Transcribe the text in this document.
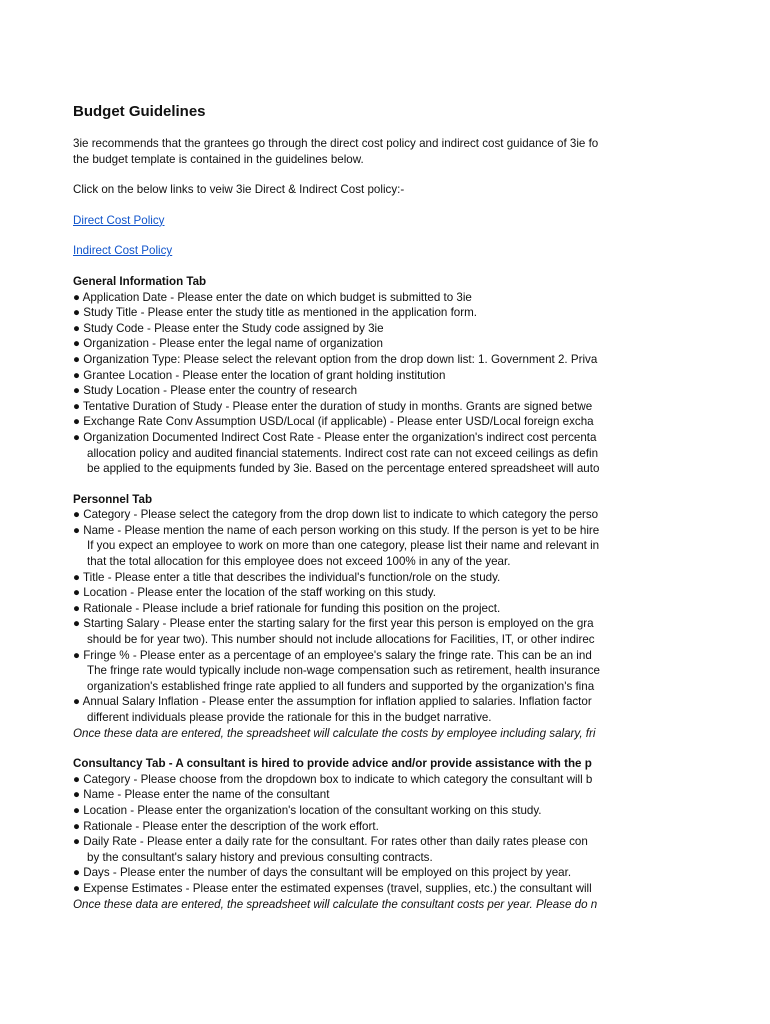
Budget Guidelines
3ie recommends that the grantees go through the direct cost policy and indirect cost guidance of 3ie fo
the budget template is contained in the guidelines below.
Click on the below links to veiw 3ie Direct & Indirect Cost policy:-
Direct Cost Policy
Indirect Cost Policy
General Information Tab
● Application Date - Please enter the date on which budget is submitted to 3ie
● Study Title - Please enter the study title as mentioned in the application form.
● Study Code - Please enter the Study code assigned by 3ie
● Organization - Please enter the legal name of organization
● Organization Type: Please select the relevant option from the drop down list: 1. Government 2. Priva
● Grantee Location - Please enter the location of grant holding institution
● Study Location - Please enter the country of research
● Tentative Duration of Study - Please enter the duration of study in months. Grants are signed betwe
● Exchange Rate Conv Assumption USD/Local (if applicable) - Please enter USD/Local foreign excha
● Organization Documented Indirect Cost Rate - Please enter the organization's indirect cost percenta
allocation policy and audited financial statements. Indirect cost rate can not exceed ceilings as defin
be applied to the equipments funded by 3ie. Based on the percentage entered spreadsheet will auto
Personnel Tab
● Category - Please select the category from the drop down list to indicate to which category the perso
● Name - Please mention the name of each person working on this study. If the person is yet to be hire
If you expect an employee to work on more than one category, please list their name and relevant in
that the total allocation for this employee does not exceed 100% in any of the year.
● Title - Please enter a title that describes the individual's function/role on the study.
● Location - Please enter the location of the staff working on this study.
● Rationale - Please include a brief rationale for funding this position on the project.
● Starting Salary - Please enter the starting salary for the first year this person is employed on the gra
should be for year two). This number should not include allocations for Facilities, IT, or other indirec
● Fringe % - Please enter as a percentage of an employee's salary the fringe rate. This can be an ind
The fringe rate would typically include non-wage compensation such as retirement, health insurance
organization's established fringe rate applied to all funders and supported by the organization's fina
● Annual Salary Inflation - Please enter the assumption for inflation applied to salaries. Inflation factor
different individuals please provide the rationale for this in the budget narrative.
Once these data are entered, the spreadsheet will calculate the costs by employee including salary, fri
Consultancy Tab - A consultant is hired to provide advice and/or provide assistance with the p
● Category - Please choose from the dropdown box to indicate to which category the consultant will b
● Name - Please enter the name of the consultant
● Location - Please enter the organization's location of the consultant working on this study.
● Rationale - Please enter the description of the work effort.
● Daily Rate - Please enter a daily rate for the consultant. For rates other than daily rates please con
by the consultant's salary history and previous consulting contracts.
● Days - Please enter the number of days the consultant will be employed on this project by year.
● Expense Estimates - Please enter the estimated expenses (travel, supplies, etc.) the consultant will
Once these data are entered, the spreadsheet will calculate the consultant costs per year. Please do n
